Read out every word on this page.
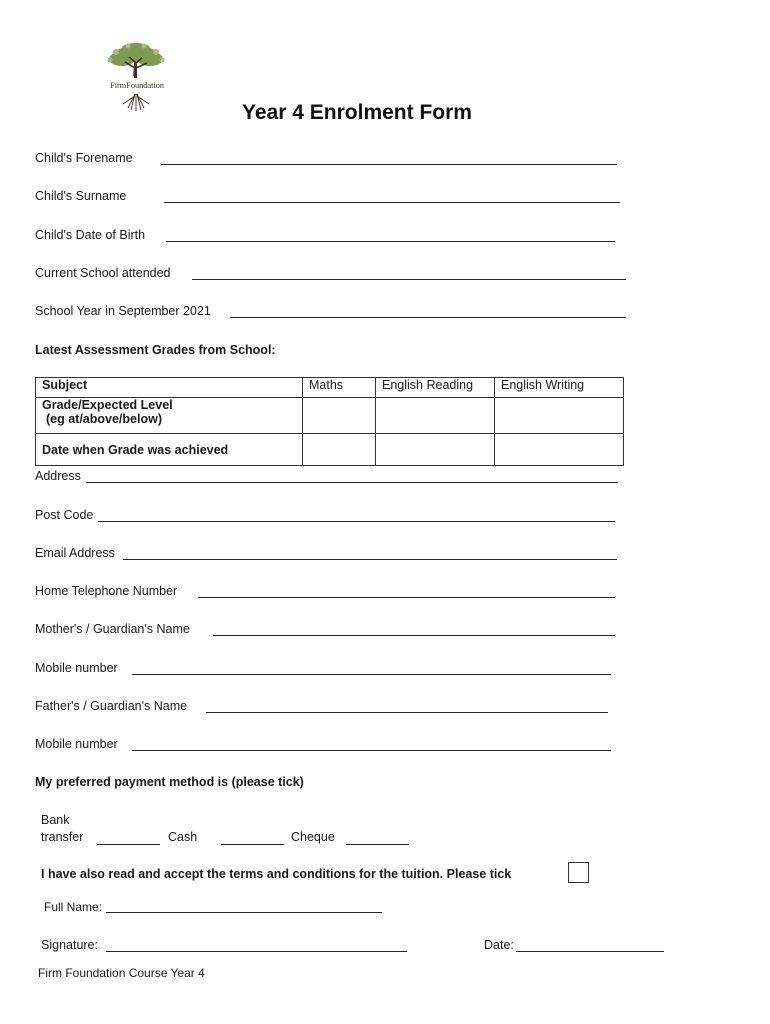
FirmFoundation
Year 4 Enrolment Form
Child's Forename
Child's Surname
Child's Date of Birth
Current School attended
School Year in September 2021
Latest Assessment Grades from School:
Subject	Maths	English Reading	English Writing

Grade/Expected Level
(eg at/above/below)			

Date when Grade was achieved			
Address
Post Code
Email Address
Home Telephone Number
Mother's / Guardian's Name
Mobile number
Father's / Guardian's Name
Mobile number
My preferred payment method is (please tick)
Bank
transfer	Cash	Cheque
I have also read and accept the terms and conditions for the tuition. Please tick
Full Name:
Signature:	Date:
Firm Foundation Course Year 4
